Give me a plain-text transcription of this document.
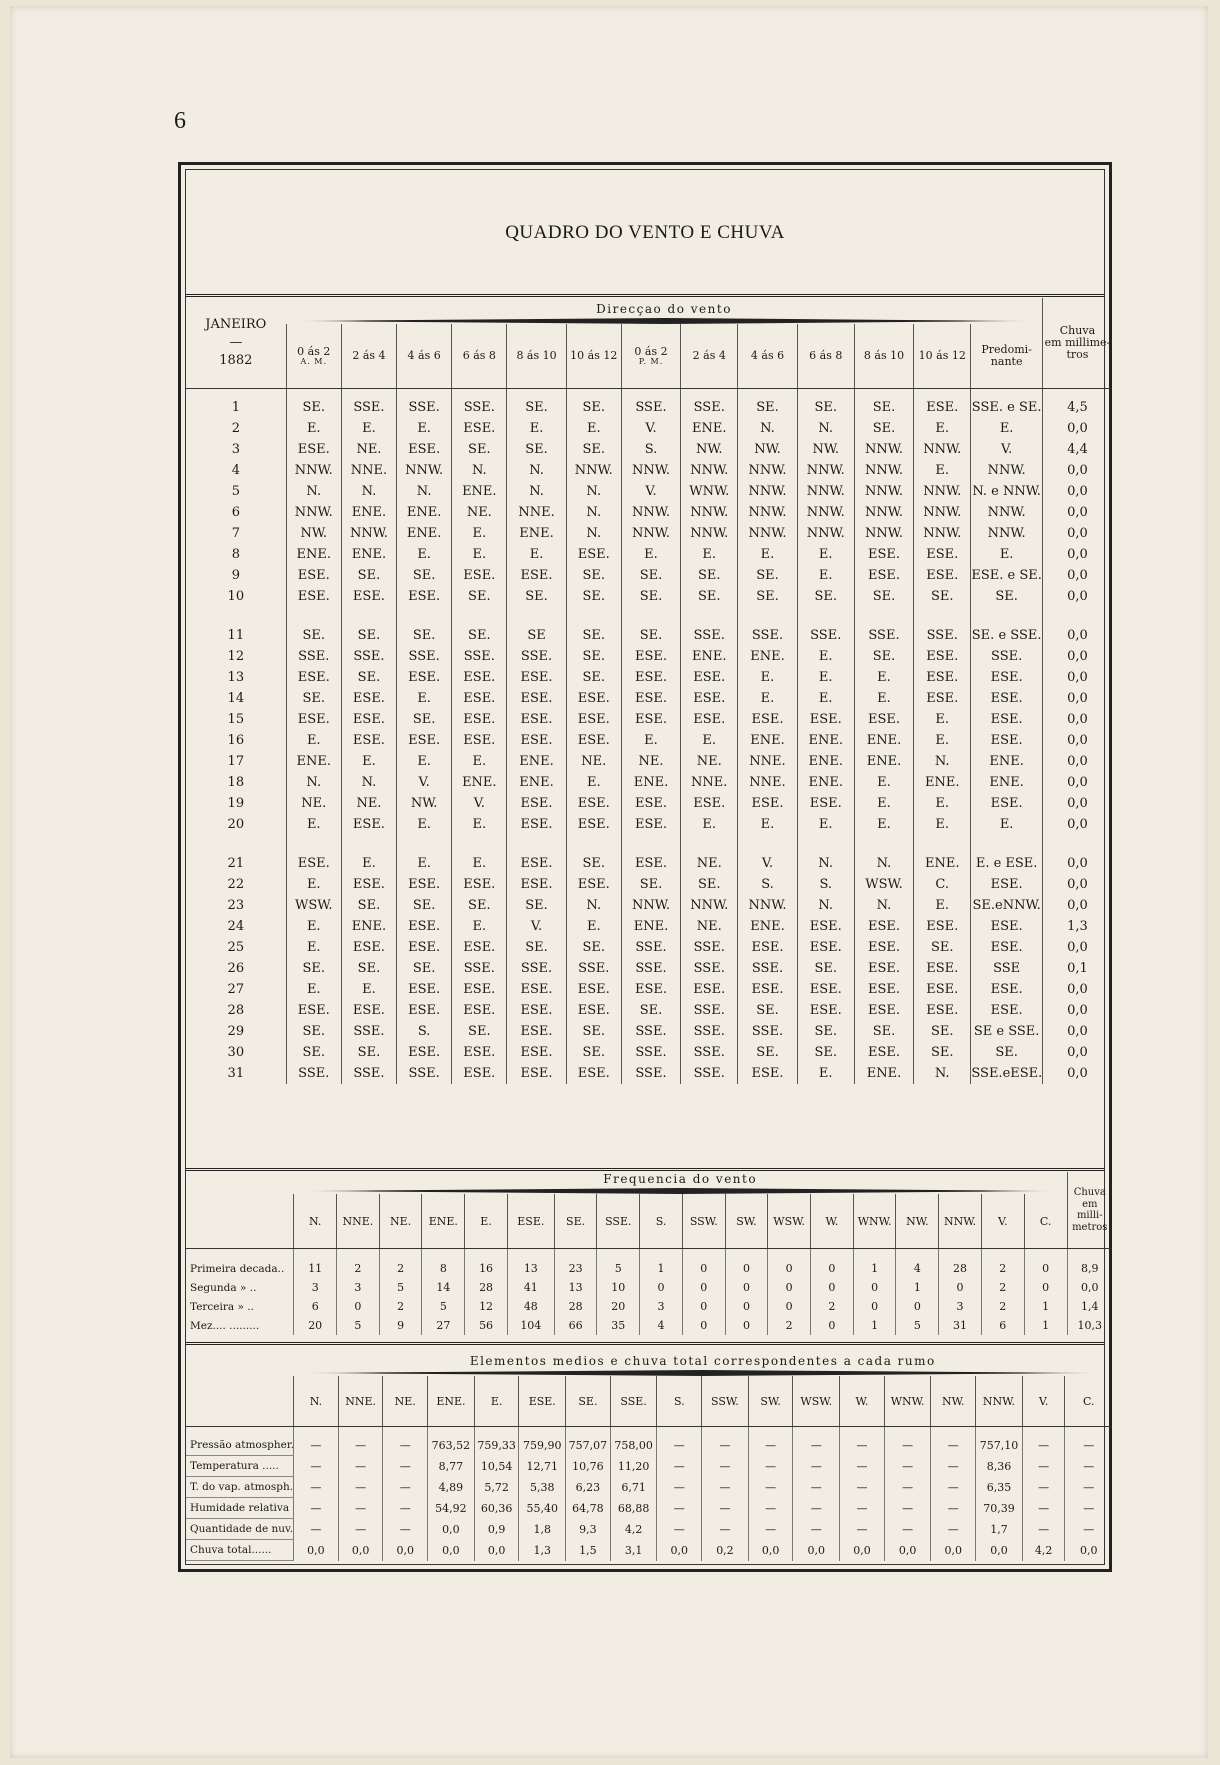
6
QUADRO DO VENTO E CHUVA
JANEIRO
—
1882	Direcçao do vento													Chuva
em millime-
tros
	0 ás 2
A. M.	2 ás 4	4 ás 6	6 ás 8	8 ás 10	10 ás 12	0 ás 2
P. M.	2 ás 4	4 ás 6	6 ás 8	8 ás 10	10 ás 12	Predomi-
nante	
1	SE.	SSE.	SSE.	SSE.	SE.	SE.	SSE.	SSE.	SE.	SE.	SE.	ESE.	SSE. e SE.	4,5
2	E.	E.	E.	ESE.	E.	E.	V.	ENE.	N.	N.	SE.	E.	E.	0,0
3	ESE.	NE.	ESE.	SE.	SE.	SE.	S.	NW.	NW.	NW.	NNW.	NNW.	V.	4,4
4	NNW.	NNE.	NNW.	N.	N.	NNW.	NNW.	NNW.	NNW.	NNW.	NNW.	E.	NNW.	0,0
5	N.	N.	N.	ENE.	N.	N.	V.	WNW.	NNW.	NNW.	NNW.	NNW.	N. e NNW.	0,0
6	NNW.	ENE.	ENE.	NE.	NNE.	N.	NNW.	NNW.	NNW.	NNW.	NNW.	NNW.	NNW.	0,0
7	NW.	NNW.	ENE.	E.	ENE.	N.	NNW.	NNW.	NNW.	NNW.	NNW.	NNW.	NNW.	0,0
8	ENE.	ENE.	E.	E.	E.	ESE.	E.	E.	E.	E.	ESE.	ESE.	E.	0,0
9	ESE.	SE.	SE.	ESE.	ESE.	SE.	SE.	SE.	SE.	E.	ESE.	ESE.	ESE. e SE.	0,0
10	ESE.	ESE.	ESE.	SE.	SE.	SE.	SE.	SE.	SE.	SE.	SE.	SE.	SE.	0,0

11	SE.	SE.	SE.	SE.	SE	SE.	SE.	SSE.	SSE.	SSE.	SSE.	SSE.	SE. e SSE.	0,0
12	SSE.	SSE.	SSE.	SSE.	SSE.	SE.	ESE.	ENE.	ENE.	E.	SE.	ESE.	SSE.	0,0
13	ESE.	SE.	ESE.	ESE.	ESE.	SE.	ESE.	ESE.	E.	E.	E.	ESE.	ESE.	0,0
14	SE.	ESE.	E.	ESE.	ESE.	ESE.	ESE.	ESE.	E.	E.	E.	ESE.	ESE.	0,0
15	ESE.	ESE.	SE.	ESE.	ESE.	ESE.	ESE.	ESE.	ESE.	ESE.	ESE.	E.	ESE.	0,0
16	E.	ESE.	ESE.	ESE.	ESE.	ESE.	E.	E.	ENE.	ENE.	ENE.	E.	ESE.	0,0
17	ENE.	E.	E.	E.	ENE.	NE.	NE.	NE.	NNE.	ENE.	ENE.	N.	ENE.	0,0
18	N.	N.	V.	ENE.	ENE.	E.	ENE.	NNE.	NNE.	ENE.	E.	ENE.	ENE.	0,0
19	NE.	NE.	NW.	V.	ESE.	ESE.	ESE.	ESE.	ESE.	ESE.	E.	E.	ESE.	0,0
20	E.	ESE.	E.	E.	ESE.	ESE.	ESE.	E.	E.	E.	E.	E.	E.	0,0

21	ESE.	E.	E.	E.	ESE.	SE.	ESE.	NE.	V.	N.	N.	ENE.	E. e ESE.	0,0
22	E.	ESE.	ESE.	ESE.	ESE.	ESE.	SE.	SE.	S.	S.	WSW.	C.	ESE.	0,0
23	WSW.	SE.	SE.	SE.	SE.	N.	NNW.	NNW.	NNW.	N.	N.	E.	SE.eNNW.	0,0
24	E.	ENE.	ESE.	E.	V.	E.	ENE.	NE.	ENE.	ESE.	ESE.	ESE.	ESE.	1,3
25	E.	ESE.	ESE.	ESE.	SE.	SE.	SSE.	SSE.	ESE.	ESE.	ESE.	SE.	ESE.	0,0
26	SE.	SE.	SE.	SSE.	SSE.	SSE.	SSE.	SSE.	SSE.	SE.	ESE.	ESE.	SSE	0,1
27	E.	E.	ESE.	ESE.	ESE.	ESE.	ESE.	ESE.	ESE.	ESE.	ESE.	ESE.	ESE.	0,0
28	ESE.	ESE.	ESE.	ESE.	ESE.	ESE.	SE.	SSE.	SE.	ESE.	ESE.	ESE.	ESE.	0,0
29	SE.	SSE.	S.	SE.	ESE.	SE.	SSE.	SSE.	SSE.	SE.	SE.	SE.	SE e SSE.	0,0
30	SE.	SE.	ESE.	ESE.	ESE.	SE.	SSE.	SSE.	SE.	SE.	ESE.	SE.	SE.	0,0
31	SSE.	SSE.	SSE.	ESE.	ESE.	ESE.	SSE.	SSE.	ESE.	E.	ENE.	N.	SSE.eESE.	0,0
	Frequencia do vento																		Chuva
em
milli-
metros
	N.	NNE.	NE.	ENE.	E.	ESE.	SE.	SSE.	S.	SSW.	SW.	WSW.	W.	WNW.	NW.	NNW.	V.	C.	
Primeira decada..	11	2	2	8	16	13	23	5	1	0	0	0	0	1	4	28	2	0	8,9
Segunda » ..	3	3	5	14	28	41	13	10	0	0	0	0	0	0	1	0	2	0	0,0
Terceira » ..	6	0	2	5	12	48	28	20	3	0	0	0	2	0	0	3	2	1	1,4
Mez.... .........	20	5	9	27	56	104	66	35	4	0	0	2	0	1	5	31	6	1	10,3
	Elementos medios e chuva total correspondentes a cada rumo																	

	N.	NNE.	NE.	ENE.	E.	ESE.	SE.	SSE.	S.	SSW.	SW.	WSW.	W.	WNW.	NW.	NNW.	V.	C.
Pressão atmospher.	—	—	—	763,52	759,33	759,90	757,07	758,00	—	—	—	—	—	—	—	757,10	—	—
Temperatura .....	—	—	—	8,77	10,54	12,71	10,76	11,20	—	—	—	—	—	—	—	8,36	—	—
T. do vap. atmosph.	—	—	—	4,89	5,72	5,38	6,23	6,71	—	—	—	—	—	—	—	6,35	—	—
Humidade relativa	—	—	—	54,92	60,36	55,40	64,78	68,88	—	—	—	—	—	—	—	70,39	—	—
Quantidade de nuv.	—	—	—	0,0	0,9	1,8	9,3	4,2	—	—	—	—	—	—	—	1,7	—	—
Chuva total......	0,0	0,0	0,0	0,0	0,0	1,3	1,5	3,1	0,0	0,2	0,0	0,0	0,0	0,0	0,0	0,0	4,2	0,0
